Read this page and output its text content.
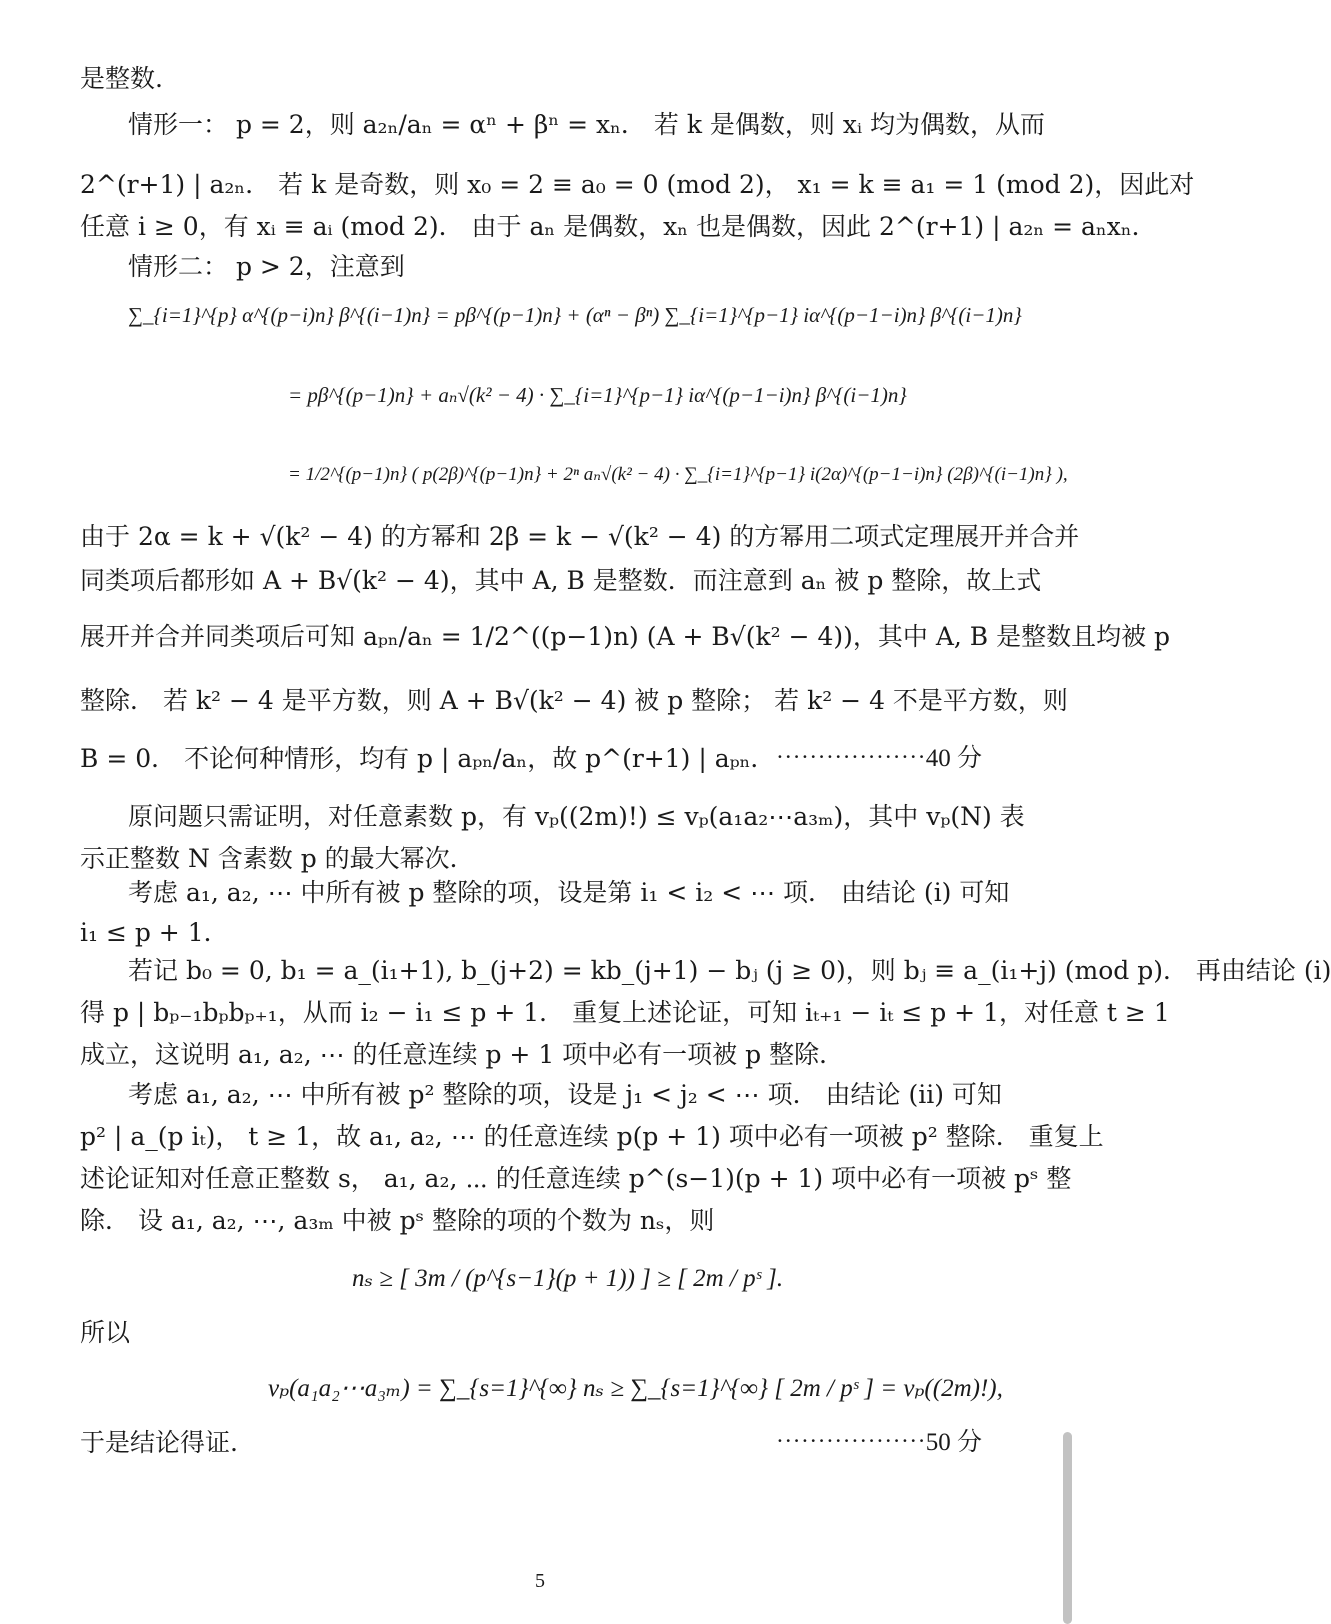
是整数.
情形一： p = 2，则 a₂ₙ/aₙ = αⁿ + βⁿ = xₙ． 若 k 是偶数，则 xᵢ 均为偶数，从而
2^(r+1) | a₂ₙ． 若 k 是奇数，则 x₀ = 2 ≡ a₀ = 0 (mod 2)， x₁ = k ≡ a₁ = 1 (mod 2)，因此对
任意 i ≥ 0，有 xᵢ ≡ aᵢ (mod 2)． 由于 aₙ 是偶数，xₙ 也是偶数，因此 2^(r+1) | a₂ₙ = aₙxₙ．
情形二： p > 2，注意到
∑_{i=1}^{p} α^{(p−i)n} β^{(i−1)n} = pβ^{(p−1)n} + (αⁿ − βⁿ) ∑_{i=1}^{p−1} iα^{(p−1−i)n} β^{(i−1)n}
= pβ^{(p−1)n} + aₙ√(k² − 4) · ∑_{i=1}^{p−1} iα^{(p−1−i)n} β^{(i−1)n}
= 1/2^{(p−1)n} ( p(2β)^{(p−1)n} + 2ⁿ aₙ√(k² − 4) · ∑_{i=1}^{p−1} i(2α)^{(p−1−i)n} (2β)^{(i−1)n} ),
由于 2α = k + √(k² − 4) 的方幂和 2β = k − √(k² − 4) 的方幂用二项式定理展开并合并
同类项后都形如 A + B√(k² − 4)，其中 A, B 是整数．而注意到 aₙ 被 p 整除，故上式
展开并合并同类项后可知 aₚₙ/aₙ = 1/2^((p−1)n) (A + B√(k² − 4))，其中 A, B 是整数且均被 p
整除． 若 k² − 4 是平方数，则 A + B√(k² − 4) 被 p 整除； 若 k² − 4 不是平方数，则
B = 0． 不论何种情形，均有 p | aₚₙ/aₙ，故 p^(r+1) | aₚₙ． ⋯⋯⋯⋯⋯⋯40 分
原问题只需证明，对任意素数 p，有 vₚ((2m)!) ≤ vₚ(a₁a₂⋯a₃ₘ)，其中 vₚ(N) 表
示正整数 N 含素数 p 的最大幂次．
考虑 a₁, a₂, ⋯ 中所有被 p 整除的项，设是第 i₁ < i₂ < ⋯ 项． 由结论 (i) 可知
i₁ ≤ p + 1．
若记 b₀ = 0, b₁ = a_(i₁+1), b_(j+2) = kb_(j+1) − bⱼ (j ≥ 0)，则 bⱼ ≡ a_(i₁+j) (mod p)． 再由结论 (i)
得 p | bₚ₋₁bₚbₚ₊₁，从而 i₂ − i₁ ≤ p + 1． 重复上述论证，可知 iₜ₊₁ − iₜ ≤ p + 1，对任意 t ≥ 1
成立，这说明 a₁, a₂, ⋯ 的任意连续 p + 1 项中必有一项被 p 整除．
考虑 a₁, a₂, ⋯ 中所有被 p² 整除的项，设是 j₁ < j₂ < ⋯ 项． 由结论 (ii) 可知
p² | a_(p iₜ)， t ≥ 1，故 a₁, a₂, ⋯ 的任意连续 p(p + 1) 项中必有一项被 p² 整除． 重复上
述论证知对任意正整数 s， a₁, a₂, ⋯ 的任意连续 p^(s−1)(p + 1) 项中必有一项被 pˢ 整
除． 设 a₁, a₂, ⋯, a₃ₘ 中被 pˢ 整除的项的个数为 nₛ，则
nₛ ≥ [ 3m / (p^{s−1}(p + 1)) ] ≥ [ 2m / pˢ ].
所以
vₚ(a₁a₂⋯a₃ₘ) = ∑_{s=1}^{∞} nₛ ≥ ∑_{s=1}^{∞} [ 2m / pˢ ] = vₚ((2m)!),
于是结论得证.	⋯⋯⋯⋯⋯⋯50 分
5
